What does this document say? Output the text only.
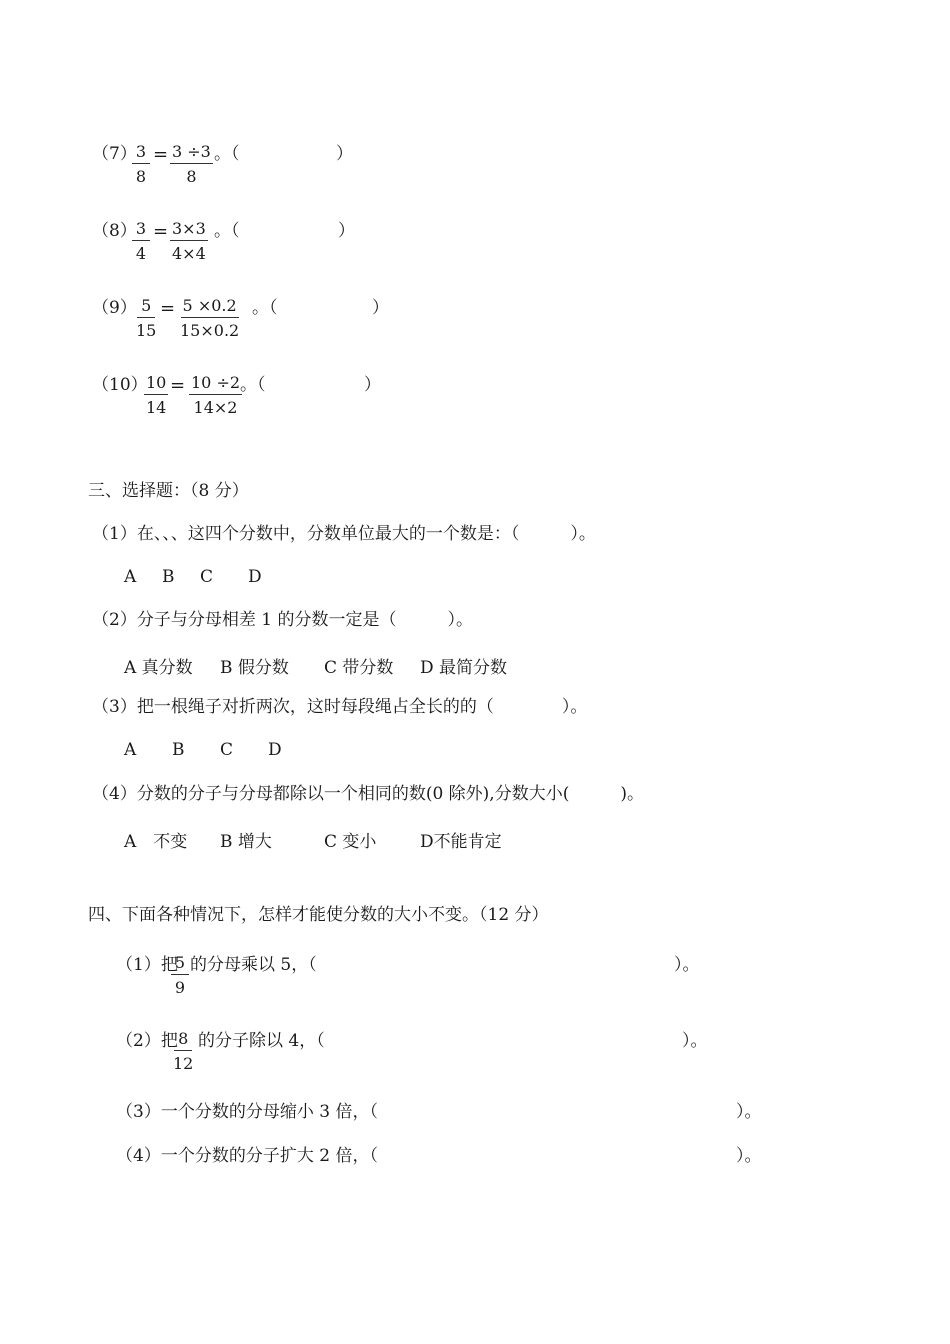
（7）
$\frac{3}{8} = \frac{3 \div 3}{8}$ 。（	）
（8）
$\frac{3}{4} = \frac{3\times 3}{4\times 4}$ 。（	）
$(9) \frac{5}{15} = \frac{5 \times 0.2}{15\times 0.2}$ 。（	）
（10）
$\frac{10}{14} = \frac{10 \div 2}{14\times 2}$
。（	）
三、选择题：（8 分）
（1）在、、、这四个分数中，分数单位最大的一个数是：（　　　）。
A B C D
（2）分子与分母相差 1 的分数一定是（　　　）。
A 真分数 B 假分数 C 带分数 D 最简分数
（3）把一根绳子对折两次，这时每段绳占全长的的（　　　　）。
A B C D
（4）分数的分子与分母都除以一个相同的数(0 除外),分数大小(　　　)。
A　不变 B 增大	C 变小	D不能肯定
四、下面各种情况下，怎样才能使分数的大小不变。（12 分）
（1）把
$\frac{5}{9}$ 的分母乘以 5，（	）。
（2）把
$\frac{8}{12}$ 的分子除以 4，（	）。
（3）一个分数的分母缩小 3 倍，（	）。
（4）一个分数的分子扩大 2 倍，（	）。
